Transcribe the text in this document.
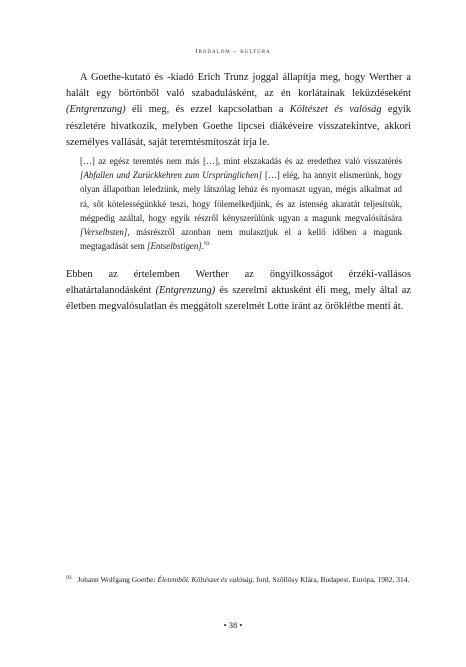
Irodalom – kultúra

A Goethe-kutató és -kiadó Erich Trunz joggal állapítja meg, hogy Werther a halált egy börtönből való szabadulásként, az én korlátainak leküzdéseként (Entgrenzung) éli meg, és ezzel kapcsolatban a Költészet és valóság egyik részletére hivatkozik, melyben Goethe lipcsei diákéveire visszatekintve, akkori személyes vallását, saját teremtésmítoszát írja le.

[…] az egész teremtés nem más […], mint elszakadás és az eredethez való visszatérés [Abfallen und Zurückkehren zum Ursprünglichen] […] elég, ha annyit elismerünk, hogy olyan állapotban leledzünk, mely látszólag lehúz és nyomaszt ugyan, mégis alkalmat ad rá, sőt kötelességünkké teszi, hogy fölemelkedjünk, és az istenség akaratát teljesítsük, mégpedig azáltal, hogy egyik részről kényszerülünk ugyan a magunk megvalósítására [Verselbsten], másrészről azonban nem mulasztjuk el a kellő időben a magunk megtagadását sem [Entselbstigen].$^{93}$

Ebben az értelemben Werther az öngyilkosságot érzéki-vallásos elhatártalanodásként (Entgrenzung) és szerelmi aktusként éli meg, mely által az életben megvalósulatlan és meggátolt szerelmét Lotte iránt az öröklétbe menti át.

$^{93}$ Johann Wolfgang Goethe: Életemből. Költészet és valóság, ford. Szőllősy Klára, Budapest, Európa, 1982, 314.

• 38 •
